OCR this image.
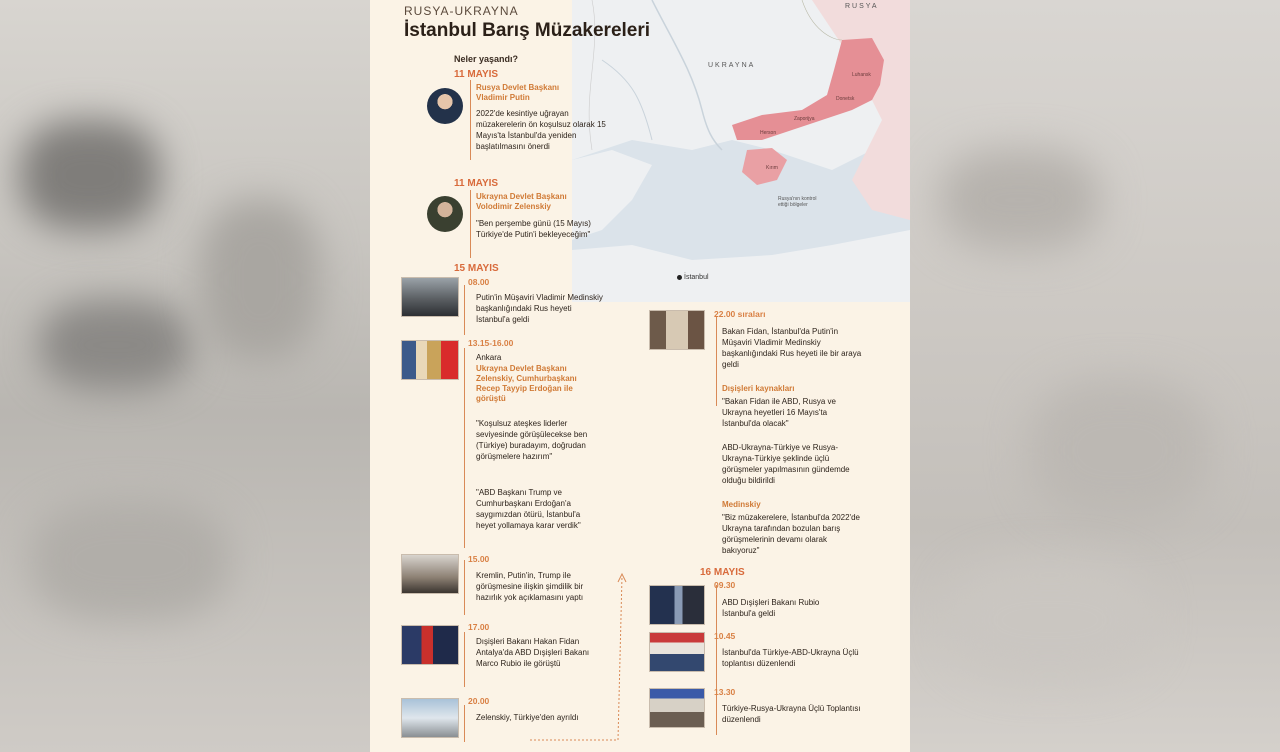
RUSYA
UKRAYNA
Luhansk
Donetsk
Zaporijya
Herson
Kırım
Rusya'nın kontrol ettiği bölgeler
İstanbul
RUSYA-UKRAYNA
İstanbul Barış Müzakereleri
Neler yaşandı?
11 MAYIS
Rusya Devlet Başkanı Vladimir Putin
2022'de kesintiye uğrayan müzakerelerin ön koşulsuz olarak 15 Mayıs'ta İstanbul'da yeniden başlatılmasını önerdi
11 MAYIS
Ukrayna Devlet Başkanı Volodimir Zelenskiy
"Ben perşembe günü (15 Mayıs) Türkiye'de Putin'i bekleyeceğim"
15 MAYIS
08.00
Putin'in Müşaviri Vladimir Medinskiy başkanlığındaki Rus heyeti İstanbul'a geldi
13.15-16.00
Ankara
Ukrayna Devlet Başkanı Zelenskiy, Cumhurbaşkanı Recep Tayyip Erdoğan ile görüştü
"Koşulsuz ateşkes liderler seviyesinde görüşülecekse ben (Türkiye) buradayım, doğrudan görüşmelere hazırım"
"ABD Başkanı Trump ve Cumhurbaşkanı Erdoğan'a saygımızdan ötürü, İstanbul'a heyet yollamaya karar verdik"
15.00
Kremlin, Putin'in, Trump ile görüşmesine ilişkin şimdilik bir hazırlık yok açıklamasını yaptı
17.00
Dışişleri Bakanı Hakan Fidan Antalya'da ABD Dışişleri Bakanı Marco Rubio ile görüştü
20.00
Zelenskiy, Türkiye'den ayrıldı
22.00 sıraları
Bakan Fidan, İstanbul'da Putin'in Müşaviri Vladimir Medinskiy başkanlığındaki Rus heyeti ile bir araya geldi
Dışişleri kaynakları
"Bakan Fidan ile ABD, Rusya ve Ukrayna heyetleri 16 Mayıs'ta İstanbul'da olacak"
ABD-Ukrayna-Türkiye ve Rusya-Ukrayna-Türkiye şeklinde üçlü görüşmeler yapılmasının gündemde olduğu bildirildi
Medinskiy
"Biz müzakerelere, İstanbul'da 2022'de Ukrayna tarafından bozulan barış görüşmelerinin devamı olarak bakıyoruz"
16 MAYIS
09.30
ABD Dışişleri Bakanı Rubio İstanbul'a geldi
10.45
İstanbul'da Türkiye-ABD-Ukrayna Üçlü toplantısı düzenlendi
13.30
Türkiye-Rusya-Ukrayna Üçlü Toplantısı düzenlendi
